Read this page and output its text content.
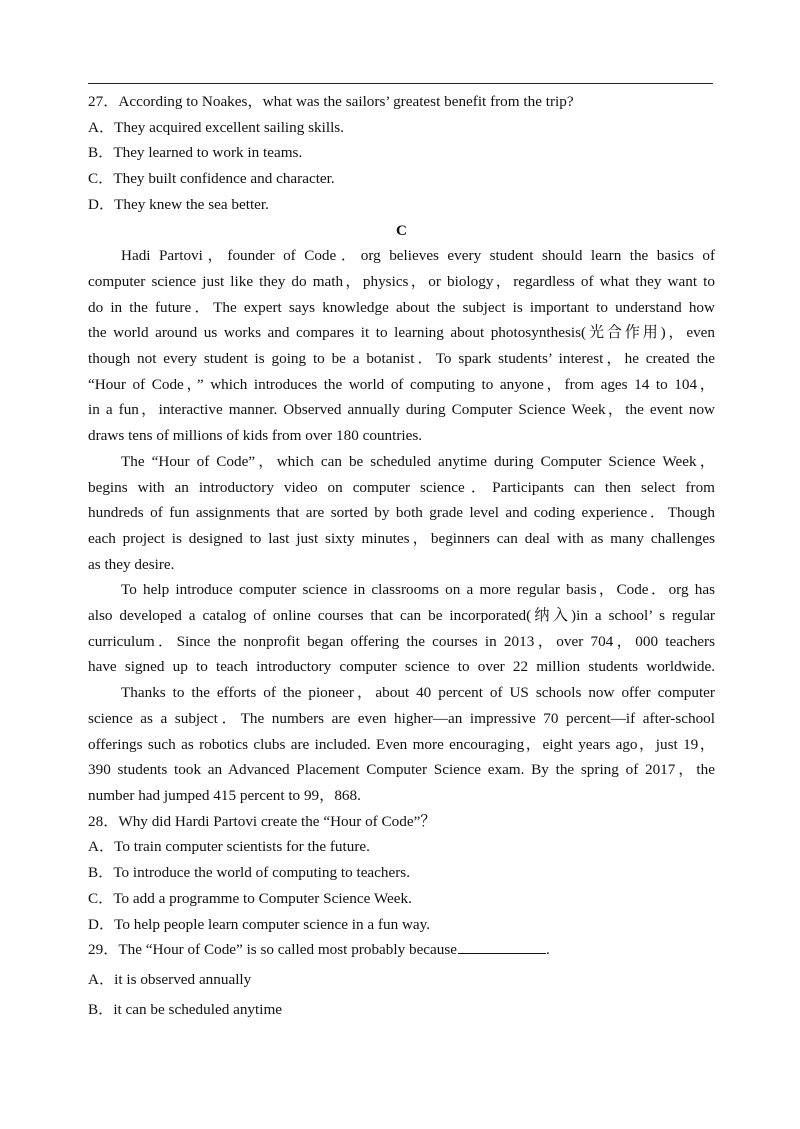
27．According to Noakes，what was the sailors’ greatest benefit from the trip?
A．They acquired excellent sailing skills.
B．They learned to work in teams.
C．They built confidence and character.
D．They knew the sea better.
C
Hadi Partovi，founder of Code．org believes every student should learn the basics of
computer science just like they do math，physics，or biology，regardless of what they want to
do in the future．The expert says knowledge about the subject is important to understand how
the world around us works and compares it to learning about photosynthesis(光合作用)，even
though not every student is going to be a botanist．To spark students’ interest，he created the
“Hour of Code，” which introduces the world of computing to anyone，from ages 14 to 104，
in a fun，interactive manner. Observed annually during Computer Science Week，the event now
draws tens of millions of kids from over 180 countries.
The “Hour of Code”，which can be scheduled anytime during Computer Science Week，
begins with an introductory video on computer science．Participants can then select from
hundreds of fun assignments that are sorted by both grade level and coding experience．Though
each project is designed to last just sixty minutes，beginners can deal with as many challenges
as they desire.
To help introduce computer science in classrooms on a more regular basis，Code．org has
also developed a catalog of online courses that can be incorporated(纳入)in a school’ s regular
curriculum．Since the nonprofit began offering the courses in 2013，over 704，000 teachers
have signed up to teach introductory computer science to over 22 million students worldwide.
Thanks to the efforts of the pioneer，about 40 percent of US schools now offer computer
science as a subject．The numbers are even higher—an impressive 70 percent—if after-school
offerings such as robotics clubs are included. Even more encouraging，eight years ago，just 19，
390 students took an Advanced Placement Computer Science exam. By the spring of 2017，the
number had jumped 415 percent to 99，868.
28．Why did Hardi Partovi create the “Hour of Code”？
A．To train computer scientists for the future.
B．To introduce the world of computing to teachers.
C．To add a programme to Computer Science Week.
D．To help people learn computer science in a fun way.
29．The “Hour of Code” is so called most probably because	.
A．it is observed annually
B．it can be scheduled anytime
